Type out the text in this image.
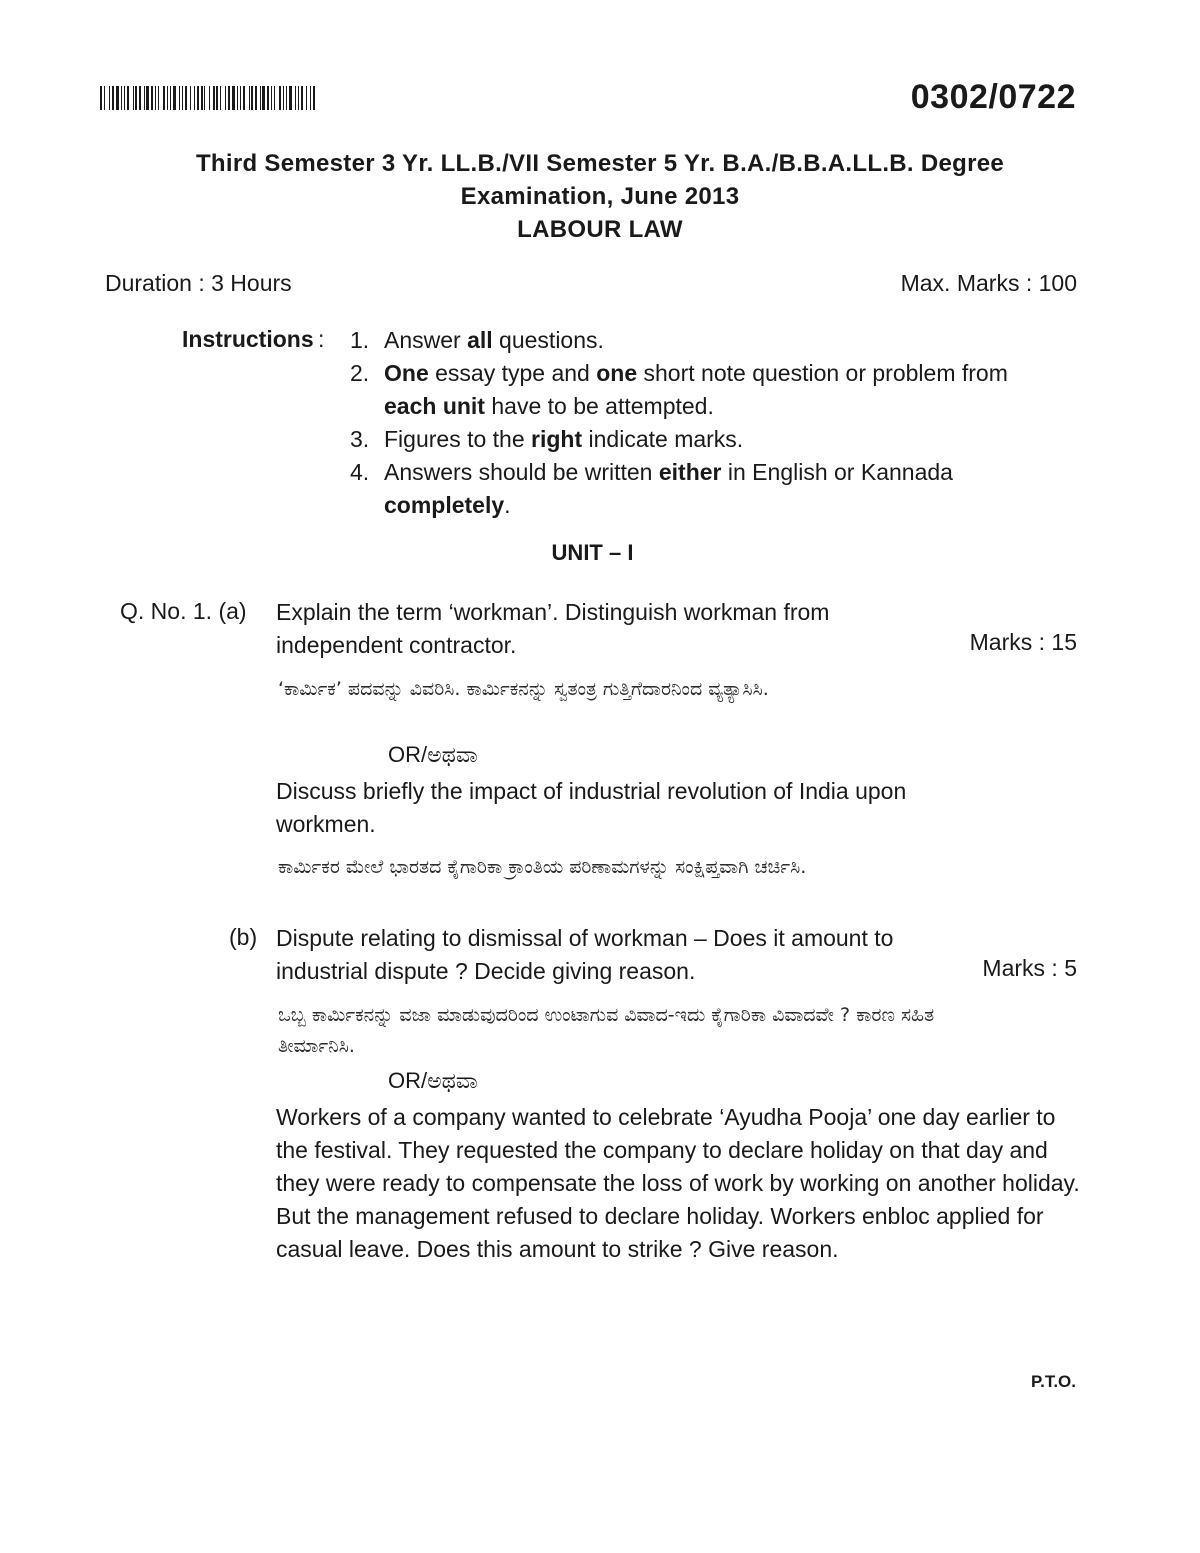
0302/0722
Third Semester 3 Yr. LL.B./VII Semester 5 Yr. B.A./B.B.A.LL.B. Degree
Examination, June 2013
LABOUR LAW
Duration : 3 Hours	Max. Marks : 100
Instructions : 1. Answer all questions.
2. One essay type and one short note question or problem from each unit have to be attempted.
3. Figures to the right indicate marks.
4. Answers should be written either in English or Kannada completely.
UNIT – I
Q. No. 1. (a) Explain the term ‘workman’. Distinguish workman from independent contractor.	Marks : 15
‘ಕಾರ್ಮಿಕ’ ಪದವನ್ನು ವಿವರಿಸಿ. ಕಾರ್ಮಿಕನನ್ನು ಸ್ವತಂತ್ರ ಗುತ್ತಿಗೆದಾರನಿಂದ ವ್ಯತ್ಯಾಸಿಸಿ.
OR/ಅಥವಾ
Discuss briefly the impact of industrial revolution of India upon workmen.
ಕಾರ್ಮಿಕರ ಮೇಲೆ ಭಾರತದ ಕೈಗಾರಿಕಾ ಕ್ರಾಂತಿಯ ಪರಿಣಾಮಗಳನ್ನು ಸಂಕ್ಷಿಪ್ತವಾಗಿ ಚರ್ಚಿಸಿ.
(b) Dispute relating to dismissal of workman – Does it amount to industrial dispute ? Decide giving reason.	Marks : 5
ಒಬ್ಬ ಕಾರ್ಮಿಕನನ್ನು ವಜಾ ಮಾಡುವುದರಿಂದ ಉಂಟಾಗುವ ವಿವಾದ-ಇದು ಕೈಗಾರಿಕಾ ವಿವಾದವೇ ? ಕಾರಣ ಸಹಿತ ತೀರ್ಮಾನಿಸಿ.
OR/ಅಥವಾ
Workers of a company wanted to celebrate ‘Ayudha Pooja’ one day earlier to the festival. They requested the company to declare holiday on that day and they were ready to compensate the loss of work by working on another holiday. But the management refused to declare holiday. Workers enbloc applied for casual leave. Does this amount to strike ? Give reason.
P.T.O.
